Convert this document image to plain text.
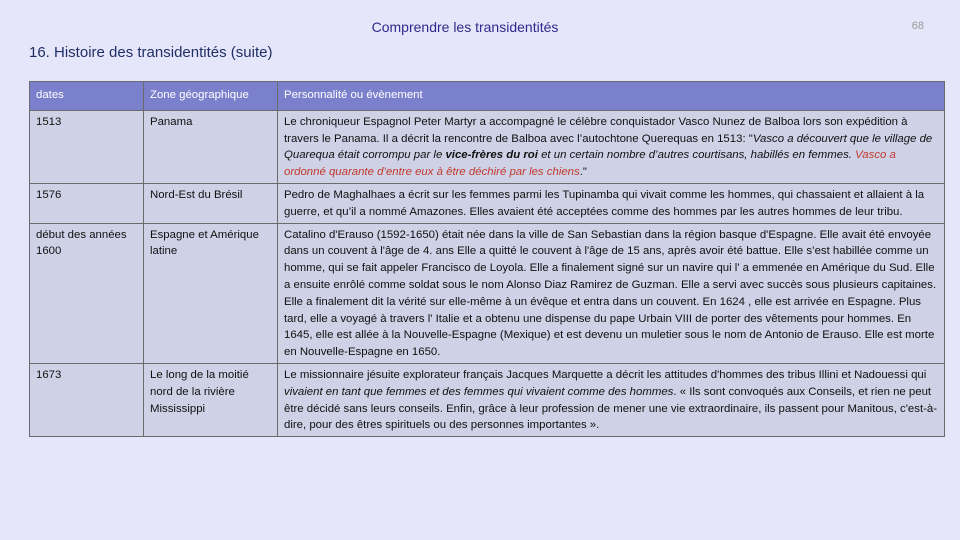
Comprendre les transidentités	68
16. Histoire des transidentités (suite)
dates	Zone géographique	Personnalité ou évènement
1513	Panama	Le chroniqueur Espagnol Peter Martyr a accompagné le célèbre conquistador Vasco Nunez de Balboa lors son expédition à travers le Panama. Il a décrit la rencontre de Balboa avec l’autochtone Querequas en 1513: "Vasco a découvert que le village de Quarequa était corrompu par le vice-frères du roi et un certain nombre d’autres courtisans, habillés en femmes. Vasco a ordonné quarante d’entre eux à être déchiré par les chiens."
1576	Nord-Est du Brésil	Pedro de Maghalhaes a écrit sur les femmes parmi les Tupinamba qui vivait comme les hommes, qui chassaient et allaient à la guerre, et qu’il a nommé Amazones. Elles avaient été acceptées comme des hommes par les autres hommes de leur tribu.
début des années 1600	Espagne et Amérique latine	Catalino d'Erauso (1592-1650) était née dans la ville de San Sebastian dans la région basque d'Espagne. Elle avait été envoyée dans un couvent à l'âge de 4. ans Elle a quitté le couvent à l'âge de 15 ans, après avoir été battue. Elle s’est habillée comme un homme, qui se fait appeler Francisco de Loyola. Elle a finalement signé sur un navire qui l' a emmenée en Amérique du Sud. Elle a ensuite enrôlé comme soldat sous le nom Alonso Diaz Ramirez de Guzman. Elle a servi avec succès sous plusieurs capitaines. Elle a finalement dit la vérité sur elle-même à un évêque et entra dans un couvent. En 1624 , elle est arrivée en Espagne. Plus tard, elle a voyagé à travers l' Italie et a obtenu une dispense du pape Urbain VIII de porter des vêtements pour hommes. En 1645, elle est allée à la Nouvelle-Espagne (Mexique) et est devenu un muletier sous le nom de Antonio de Erauso. Elle est morte en Nouvelle-Espagne en 1650.
1673	Le long de la moitié nord de la rivière Mississippi	Le missionnaire jésuite explorateur français Jacques Marquette a décrit les attitudes d'hommes des tribus Illini et Nadouessi qui vivaient en tant que femmes et des femmes qui vivaient comme des hommes. « Ils sont convoqués aux Conseils, et rien ne peut être décidé sans leurs conseils. Enfin, grâce à leur profession de mener une vie extraordinaire, ils passent pour Manitous, c'est-à-dire, pour des êtres spirituels ou des personnes importantes ».
